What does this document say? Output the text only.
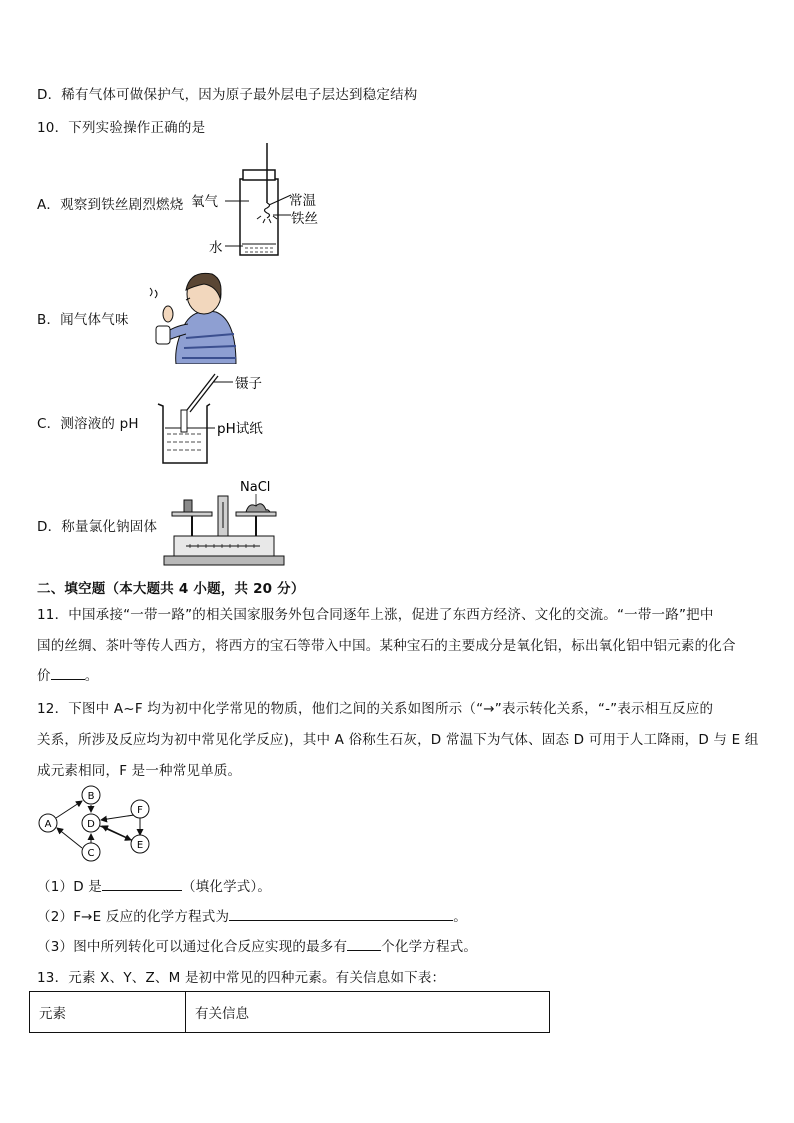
D．稀有气体可做保护气，因为原子最外层电子层达到稳定结构
10．下列实验操作正确的是
A．观察到铁丝剧烈燃烧 氧气	常温
铁丝
水
B．闻气体气味
C．测溶液的 pH
镊子
pH试纸
D．称量氯化钠固体
NaCl
二、填空题（本大题共 4 小题，共 20 分）
11．中国承接“一带一路”的相关国家服务外包合同逐年上涨，促进了东西方经济、文化的交流。“一带一路”把中
国的丝绸、茶叶等传人西方，将西方的宝石等带入中国。某种宝石的主要成分是氧化铝，标出氧化铝中铝元素的化合
价	。
12．下图中 A~F 均为初中化学常见的物质，他们之间的关系如图所示（“→”表示转化关系，“-”表示相互反应的
关系，所涉及反应均为初中常见化学反应)，其中 A 俗称生石灰，D 常温下为气体、固态 D 可用于人工降雨，D 与 E 组
成元素相同，F 是一种常见单质。
A
B
C
D
E
F
（1）D 是	（填化学式）。
（2）F→E 反应的化学方程式为	。
（3）图中所列转化可以通过化合反应实现的最多有	个化学方程式。
13．元素 X、Y、Z、M 是初中常见的四种元素。有关信息如下表：
元素	有关信息
